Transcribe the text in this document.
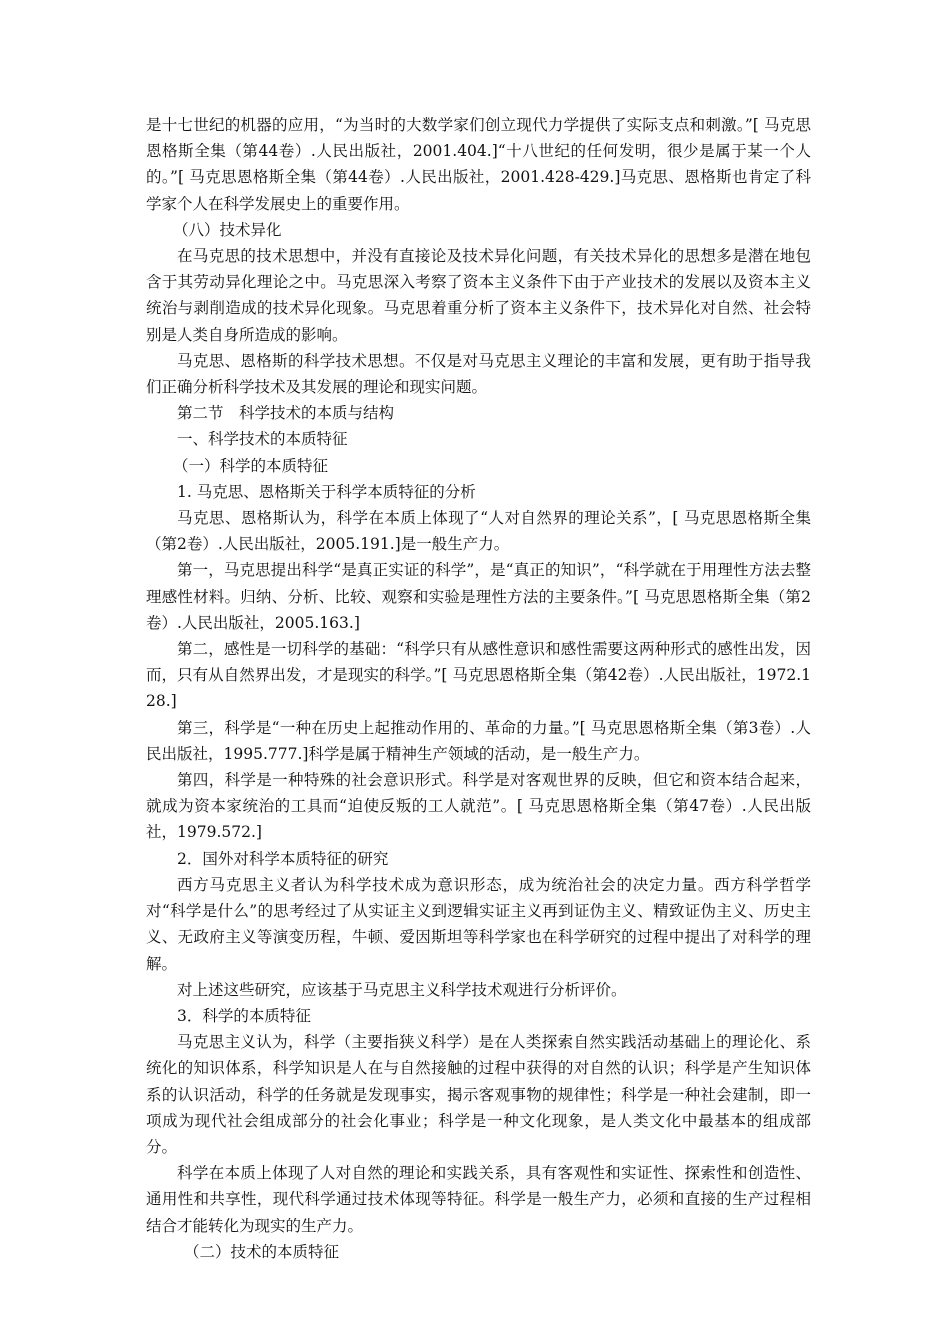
是十七世纪的机器的应用，“为当时的大数学家们创立现代力学提供了实际支点和刺激。”[ 马克思恩格斯全集（第44卷）.人民出版社，2001.404.]“十八世纪的任何发明，很少是属于某一个人的。”[ 马克思恩格斯全集（第44卷）.人民出版社，2001.428-429.]马克思、恩格斯也肯定了科学家个人在科学发展史上的重要作用。

（八）技术异化

在马克思的技术思想中，并没有直接论及技术异化问题，有关技术异化的思想多是潜在地包含于其劳动异化理论之中。马克思深入考察了资本主义条件下由于产业技术的发展以及资本主义统治与剥削造成的技术异化现象。马克思着重分析了资本主义条件下，技术异化对自然、社会特别是人类自身所造成的影响。

马克思、恩格斯的科学技术思想。不仅是对马克思主义理论的丰富和发展，更有助于指导我们正确分析科学技术及其发展的理论和现实问题。

第二节　科学技术的本质与结构

一、科学技术的本质特征

（一）科学的本质特征

1. 马克思、恩格斯关于科学本质特征的分析

马克思、恩格斯认为，科学在本质上体现了“人对自然界的理论关系”，[ 马克思恩格斯全集（第2卷）.人民出版社，2005.191.]是一般生产力。

第一，马克思提出科学“是真正实证的科学”，是“真正的知识”，“科学就在于用理性方法去整理感性材料。归纳、分析、比较、观察和实验是理性方法的主要条件。”[ 马克思恩格斯全集（第2卷）.人民出版社，2005.163.]

第二，感性是一切科学的基础：“科学只有从感性意识和感性需要这两种形式的感性出发，因而，只有从自然界出发，才是现实的科学。”[ 马克思恩格斯全集（第42卷）.人民出版社，1972.128.]

第三，科学是“一种在历史上起推动作用的、革命的力量。”[ 马克思恩格斯全集（第3卷）.人民出版社，1995.777.]科学是属于精神生产领域的活动，是一般生产力。

第四，科学是一种特殊的社会意识形式。科学是对客观世界的反映，但它和资本结合起来，就成为资本家统治的工具而“迫使反叛的工人就范”。[ 马克思恩格斯全集（第47卷）.人民出版社，1979.572.]

2．国外对科学本质特征的研究

西方马克思主义者认为科学技术成为意识形态，成为统治社会的决定力量。西方科学哲学对“科学是什么”的思考经过了从实证主义到逻辑实证主义再到证伪主义、精致证伪主义、历史主义、无政府主义等演变历程，牛顿、爱因斯坦等科学家也在科学研究的过程中提出了对科学的理解。

对上述这些研究，应该基于马克思主义科学技术观进行分析评价。

3．科学的本质特征

马克思主义认为，科学（主要指狭义科学）是在人类探索自然实践活动基础上的理论化、系统化的知识体系，科学知识是人在与自然接触的过程中获得的对自然的认识；科学是产生知识体系的认识活动，科学的任务就是发现事实，揭示客观事物的规律性；科学是一种社会建制，即一项成为现代社会组成部分的社会化事业；科学是一种文化现象，是人类文化中最基本的组成部分。

科学在本质上体现了人对自然的理论和实践关系，具有客观性和实证性、探索性和创造性、通用性和共享性，现代科学通过技术体现等特征。科学是一般生产力，必须和直接的生产过程相结合才能转化为现实的生产力。

（二）技术的本质特征
